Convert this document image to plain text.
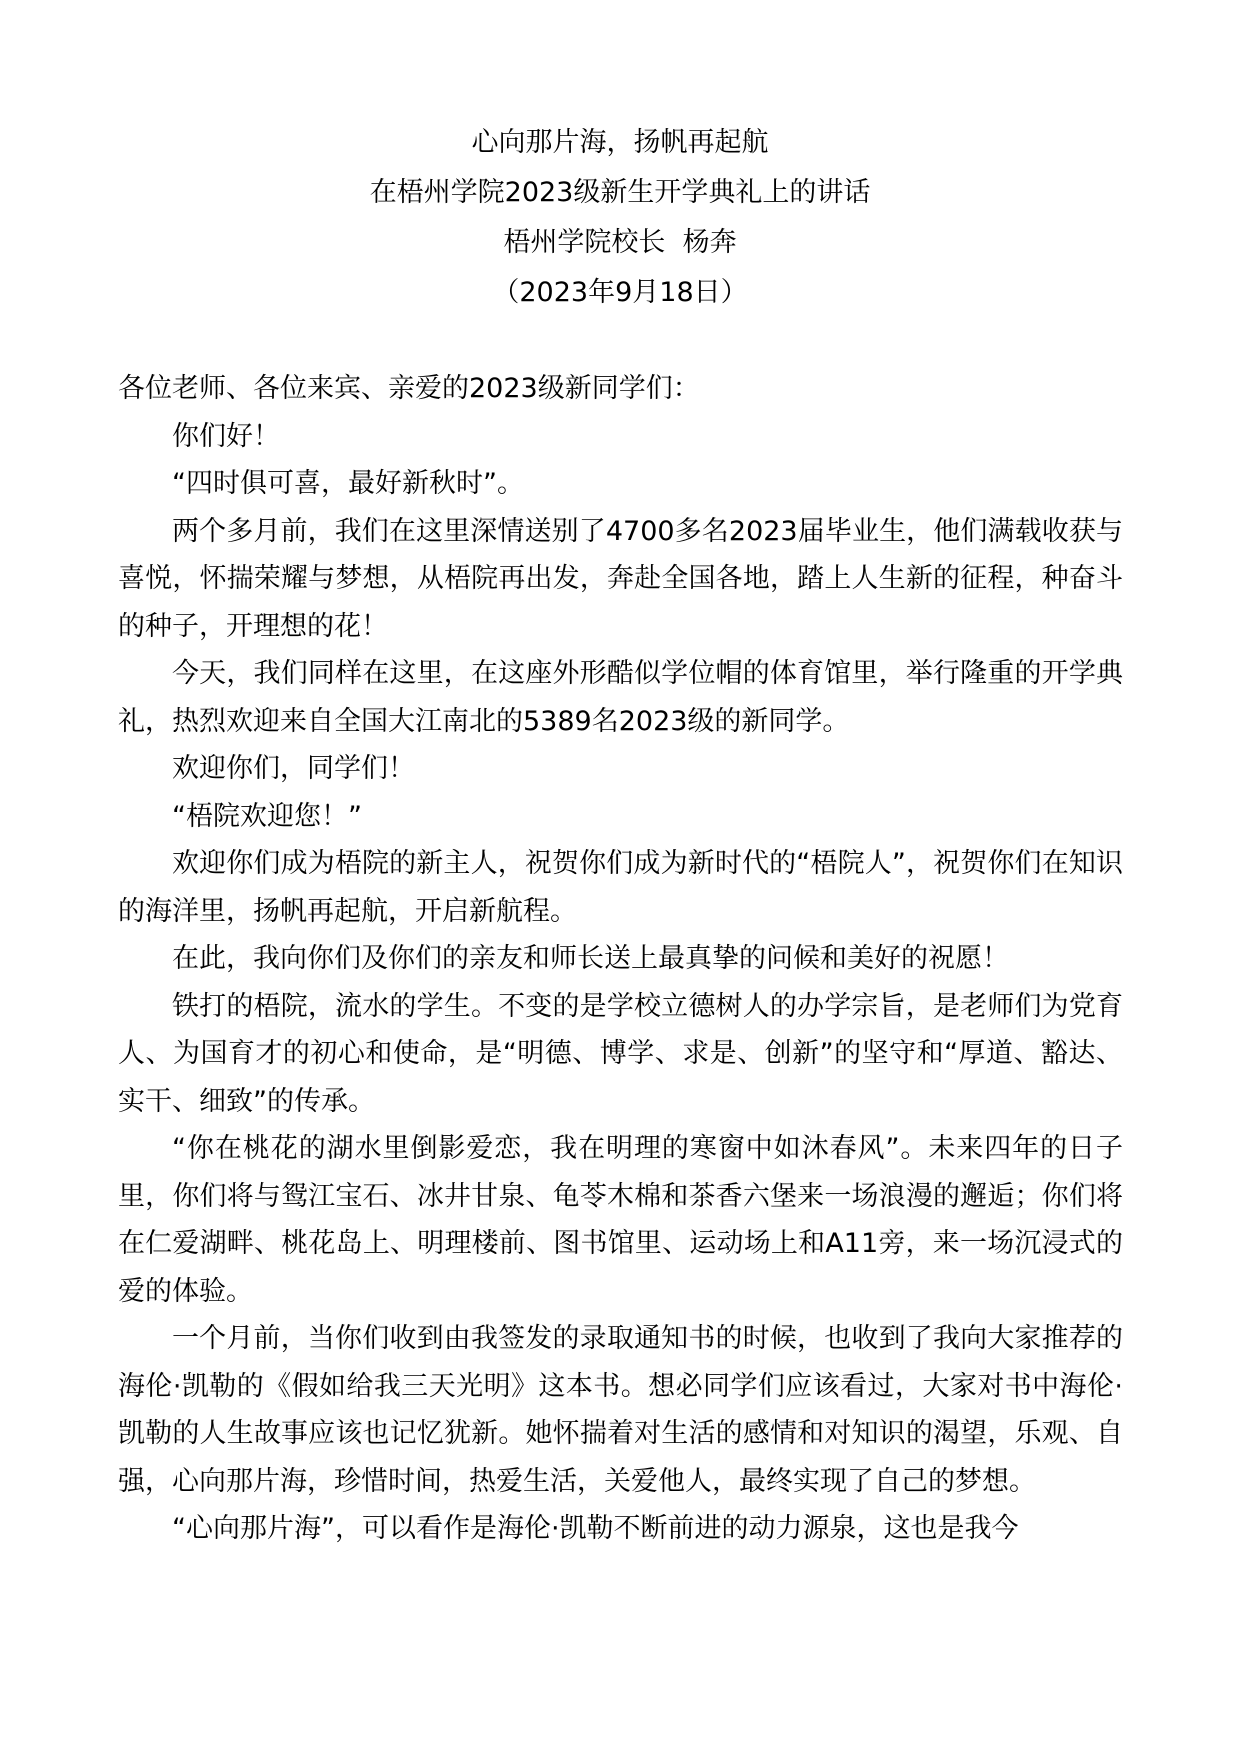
心向那片海，扬帆再起航
在梧州学院2023级新生开学典礼上的讲话
梧州学院校长  杨奔
（2023年9月18日）

各位老师、各位来宾、亲爱的2023级新同学们：

你们好！

“四时俱可喜，最好新秋时”。

两个多月前，我们在这里深情送别了4700多名2023届毕业生，他们满载收获与喜悦，怀揣荣耀与梦想，从梧院再出发，奔赴全国各地，踏上人生新的征程，种奋斗的种子，开理想的花！

今天，我们同样在这里，在这座外形酷似学位帽的体育馆里，举行隆重的开学典礼，热烈欢迎来自全国大江南北的5389名2023级的新同学。

欢迎你们，同学们！

“梧院欢迎您！”

欢迎你们成为梧院的新主人，祝贺你们成为新时代的“梧院人”，祝贺你们在知识的海洋里，扬帆再起航，开启新航程。

在此，我向你们及你们的亲友和师长送上最真挚的问候和美好的祝愿！

铁打的梧院，流水的学生。不变的是学校立德树人的办学宗旨，是老师们为党育人、为国育才的初心和使命，是“明德、博学、求是、创新”的坚守和“厚道、豁达、实干、细致”的传承。

“你在桃花的湖水里倒影爱恋，我在明理的寒窗中如沐春风”。未来四年的日子里，你们将与鸳江宝石、冰井甘泉、龟苓木棉和茶香六堡来一场浪漫的邂逅；你们将在仁爱湖畔、桃花岛上、明理楼前、图书馆里、运动场上和A11旁，来一场沉浸式的爱的体验。

一个月前，当你们收到由我签发的录取通知书的时候，也收到了我向大家推荐的海伦·凯勒的《假如给我三天光明》这本书。想必同学们应该看过，大家对书中海伦·凯勒的人生故事应该也记忆犹新。她怀揣着对生活的感情和对知识的渴望，乐观、自强，心向那片海，珍惜时间，热爱生活，关爱他人，最终实现了自己的梦想。

“心向那片海”，可以看作是海伦·凯勒不断前进的动力源泉，这也是我今
